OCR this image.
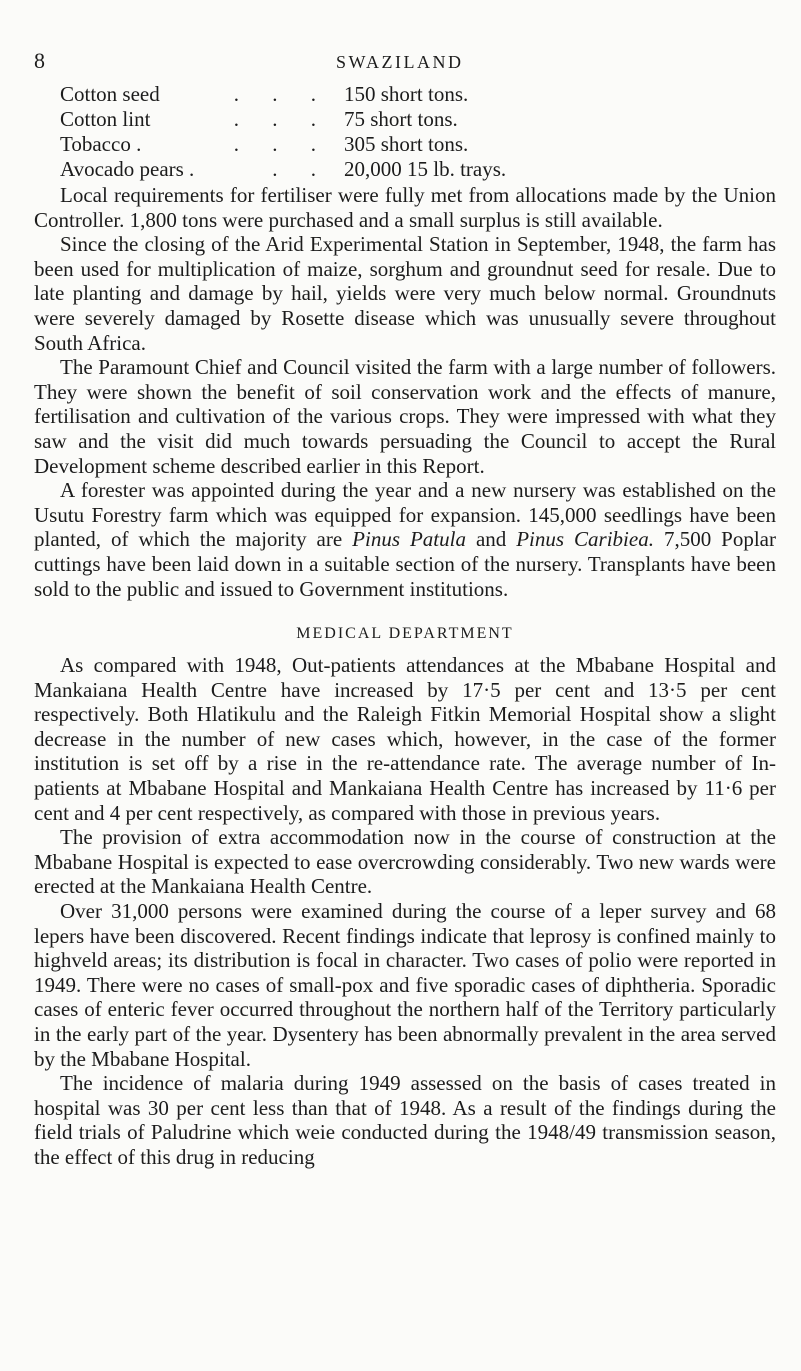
8	SWAZILAND
Cotton seed	. . . 150 short tons.
Cotton lint	. . . 75 short tons.
Tobacco .	. . . 305 short tons.
Avocado pears .	. . 20,000 15 lb. trays.

Local requirements for fertiliser were fully met from allocations made by the Union Controller. 1,800 tons were purchased and a small surplus is still available.

Since the closing of the Arid Experimental Station in September, 1948, the farm has been used for multiplication of maize, sorghum and groundnut seed for resale. Due to late planting and damage by hail, yields were very much below normal. Groundnuts were severely damaged by Rosette disease which was unusually severe throughout South Africa.

The Paramount Chief and Council visited the farm with a large number of followers. They were shown the benefit of soil conservation work and the effects of manure, fertilisation and cultivation of the various crops. They were impressed with what they saw and the visit did much towards persuading the Council to accept the Rural Development scheme described earlier in this Report.

A forester was appointed during the year and a new nursery was established on the Usutu Forestry farm which was equipped for expansion. 145,000 seedlings have been planted, of which the majority are Pinus Patula and Pinus Caribiea. 7,500 Poplar cuttings have been laid down in a suitable section of the nursery. Transplants have been sold to the public and issued to Government institutions.

MEDICAL DEPARTMENT

As compared with 1948, Out-patients attendances at the Mbabane Hospital and Mankaiana Health Centre have increased by 17·5 per cent and 13·5 per cent respectively. Both Hlatikulu and the Raleigh Fitkin Memorial Hospital show a slight decrease in the number of new cases which, however, in the case of the former institution is set off by a rise in the re-attendance rate. The average number of In-patients at Mbabane Hospital and Mankaiana Health Centre has increased by 11·6 per cent and 4 per cent respectively, as compared with those in previous years.

The provision of extra accommodation now in the course of construction at the Mbabane Hospital is expected to ease overcrowding considerably. Two new wards were erected at the Mankaiana Health Centre.

Over 31,000 persons were examined during the course of a leper survey and 68 lepers have been discovered. Recent findings indicate that leprosy is confined mainly to highveld areas; its distribution is focal in character. Two cases of polio were reported in 1949. There were no cases of small-pox and five sporadic cases of diphtheria. Sporadic cases of enteric fever occurred throughout the northern half of the Territory particularly in the early part of the year. Dysentery has been abnormally prevalent in the area served by the Mbabane Hospital.

The incidence of malaria during 1949 assessed on the basis of cases treated in hospital was 30 per cent less than that of 1948. As a result of the findings during the field trials of Paludrine which weie conducted during the 1948/49 transmission season, the effect of this drug in reducing
